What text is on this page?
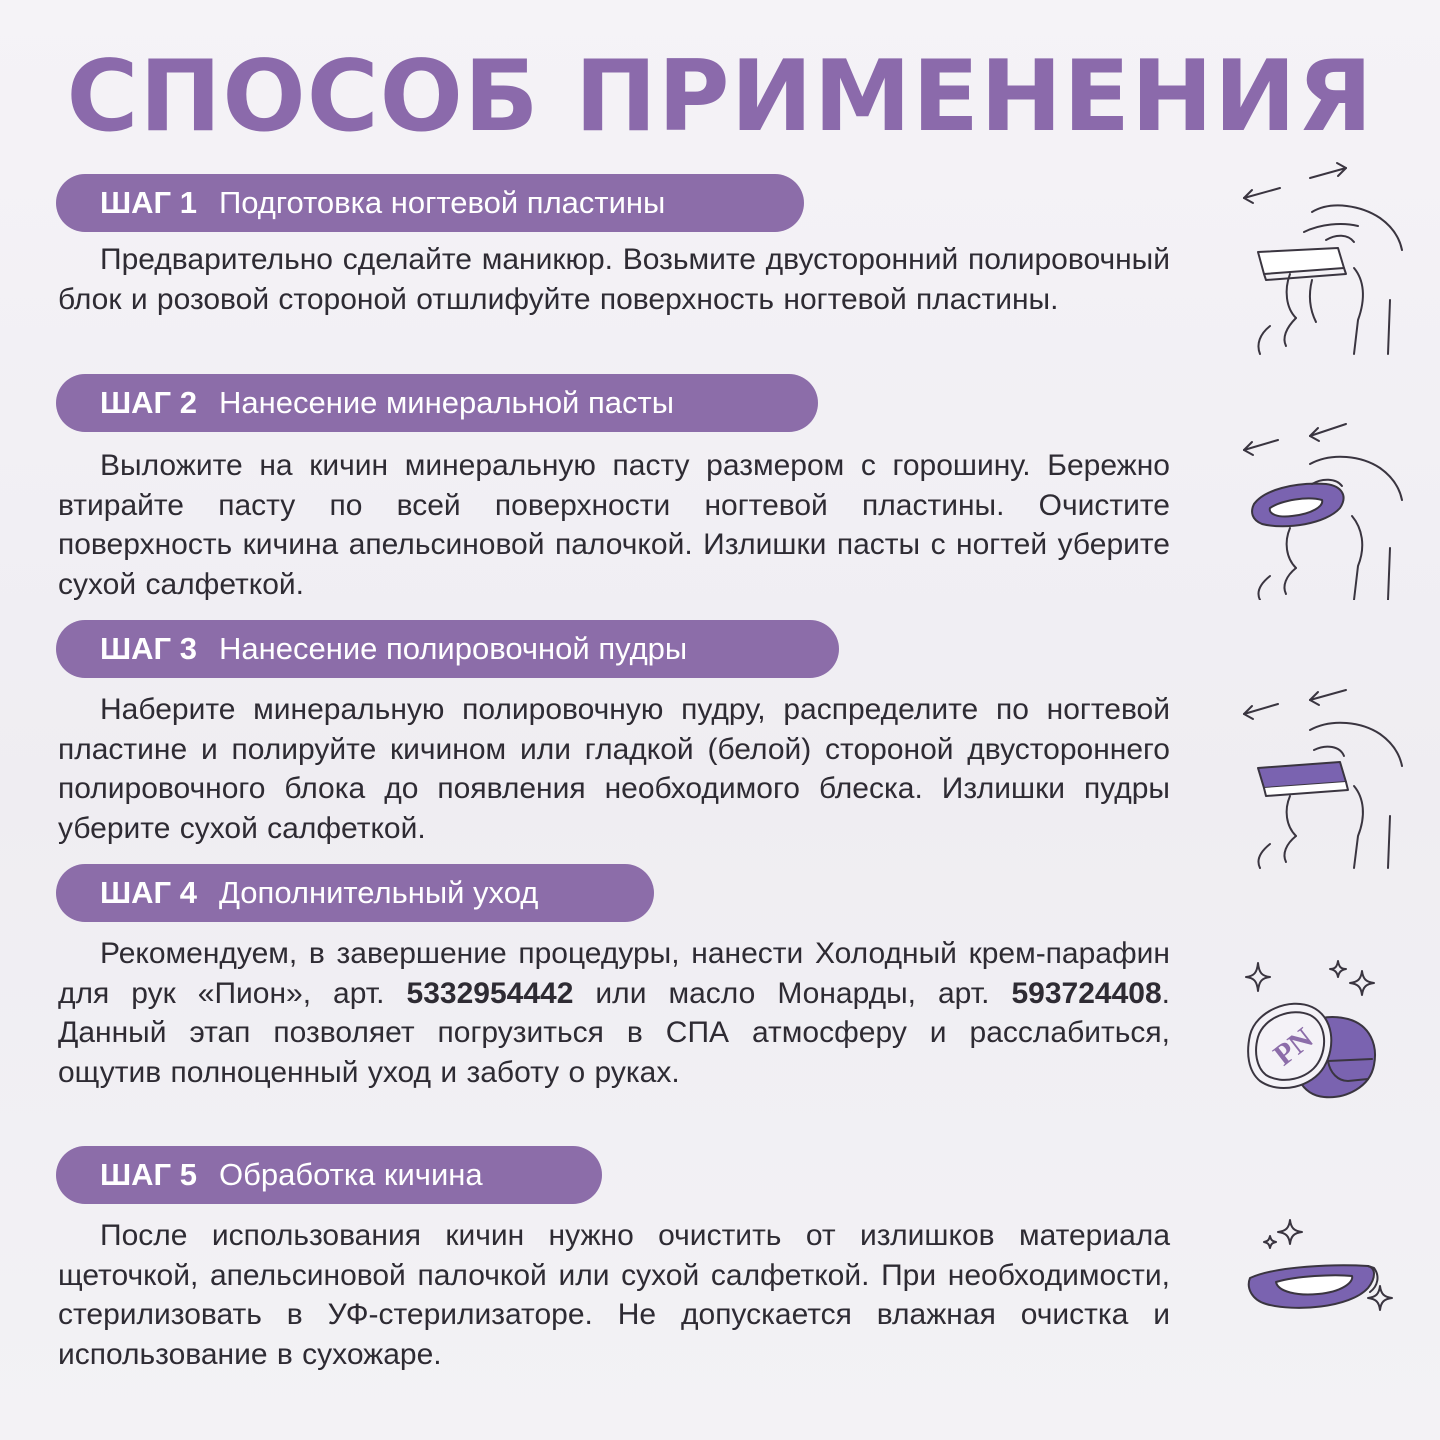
СПОСОБ ПРИМЕНЕНИЯ
ШАГ 1 Подготовка ногтевой пластины

Предварительно сделайте маникюр. Возьмите двусторонний полировочный блок и розовой стороной отшлифуйте поверхность ногтевой пластины.

ШАГ 2 Нанесение минеральной пасты

Выложите на кичин минеральную пасту размером с горошину. Бережно втирайте пасту по всей поверхности ногтевой пластины. Очистите поверхность кичина апельсиновой палочкой. Излишки пасты с ногтей уберите сухой салфеткой.

ШАГ 3 Нанесение полировочной пудры

Наберите минеральную полировочную пудру, распределите по ногтевой пластине и полируйте кичином или гладкой (белой) стороной двустороннего полировочного блока до появления необходимого блеска. Излишки пудры уберите сухой салфеткой.

ШАГ 4 Дополнительный уход

Рекомендуем, в завершение процедуры, нанести Холодный крем-парафин для рук «Пион», арт. 5332954442 или масло Монарды, арт. 593724408. Данный этап позволяет погрузиться в СПА атмосферу и расслабиться, ощутив полноценный уход и заботу о руках.	PN
ШАГ 5 Обработка кичина

После использования кичин нужно очистить от излишков материала щеточкой, апельсиновой палочкой или сухой салфеткой. При необходимости, стерилизовать в УФ-стерилизаторе. Не допускается влажная очистка и использование в сухожаре.
